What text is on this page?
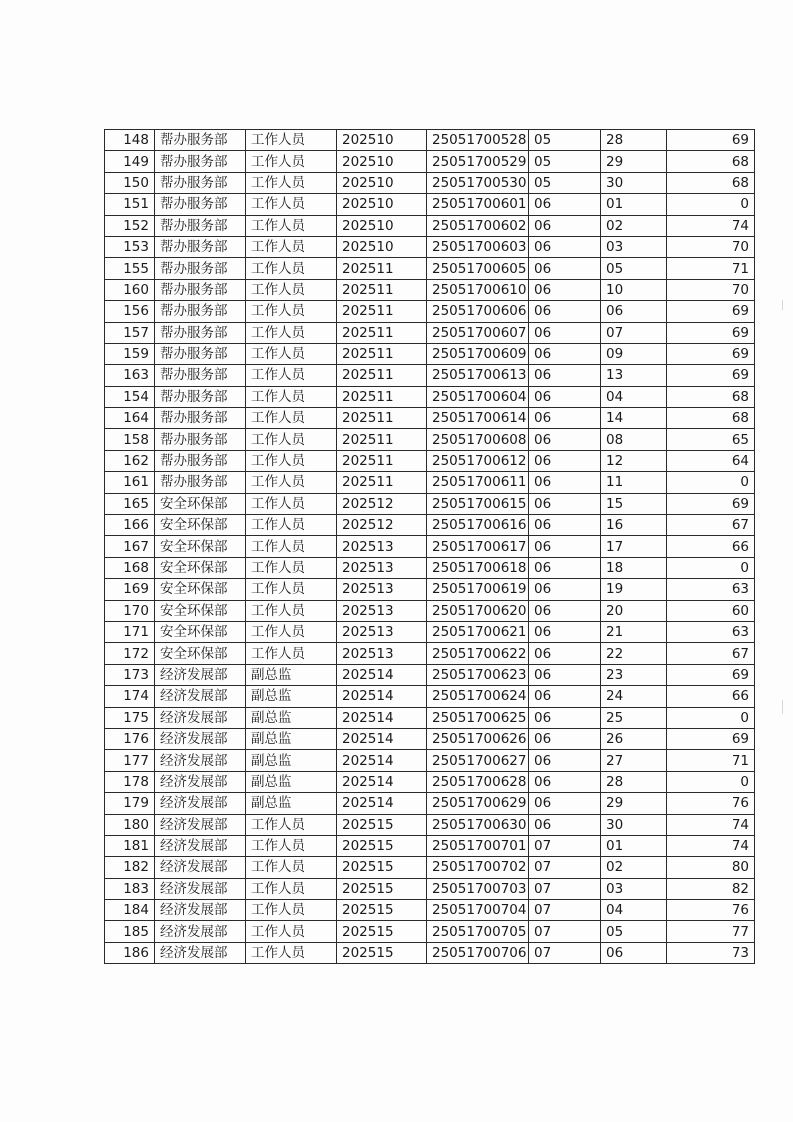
148	帮办服务部	工作人员	202510	25051700528	05	28	69
149	帮办服务部	工作人员	202510	25051700529	05	29	68
150	帮办服务部	工作人员	202510	25051700530	05	30	68
151	帮办服务部	工作人员	202510	25051700601	06	01	0
152	帮办服务部	工作人员	202510	25051700602	06	02	74
153	帮办服务部	工作人员	202510	25051700603	06	03	70
155	帮办服务部	工作人员	202511	25051700605	06	05	71
160	帮办服务部	工作人员	202511	25051700610	06	10	70
156	帮办服务部	工作人员	202511	25051700606	06	06	69
157	帮办服务部	工作人员	202511	25051700607	06	07	69
159	帮办服务部	工作人员	202511	25051700609	06	09	69
163	帮办服务部	工作人员	202511	25051700613	06	13	69
154	帮办服务部	工作人员	202511	25051700604	06	04	68
164	帮办服务部	工作人员	202511	25051700614	06	14	68
158	帮办服务部	工作人员	202511	25051700608	06	08	65
162	帮办服务部	工作人员	202511	25051700612	06	12	64
161	帮办服务部	工作人员	202511	25051700611	06	11	0
165	安全环保部	工作人员	202512	25051700615	06	15	69
166	安全环保部	工作人员	202512	25051700616	06	16	67
167	安全环保部	工作人员	202513	25051700617	06	17	66
168	安全环保部	工作人员	202513	25051700618	06	18	0
169	安全环保部	工作人员	202513	25051700619	06	19	63
170	安全环保部	工作人员	202513	25051700620	06	20	60
171	安全环保部	工作人员	202513	25051700621	06	21	63
172	安全环保部	工作人员	202513	25051700622	06	22	67
173	经济发展部	副总监	202514	25051700623	06	23	69
174	经济发展部	副总监	202514	25051700624	06	24	66
175	经济发展部	副总监	202514	25051700625	06	25	0
176	经济发展部	副总监	202514	25051700626	06	26	69
177	经济发展部	副总监	202514	25051700627	06	27	71
178	经济发展部	副总监	202514	25051700628	06	28	0
179	经济发展部	副总监	202514	25051700629	06	29	76
180	经济发展部	工作人员	202515	25051700630	06	30	74
181	经济发展部	工作人员	202515	25051700701	07	01	74
182	经济发展部	工作人员	202515	25051700702	07	02	80
183	经济发展部	工作人员	202515	25051700703	07	03	82
184	经济发展部	工作人员	202515	25051700704	07	04	76
185	经济发展部	工作人员	202515	25051700705	07	05	77
186	经济发展部	工作人员	202515	25051700706	07	06	73
